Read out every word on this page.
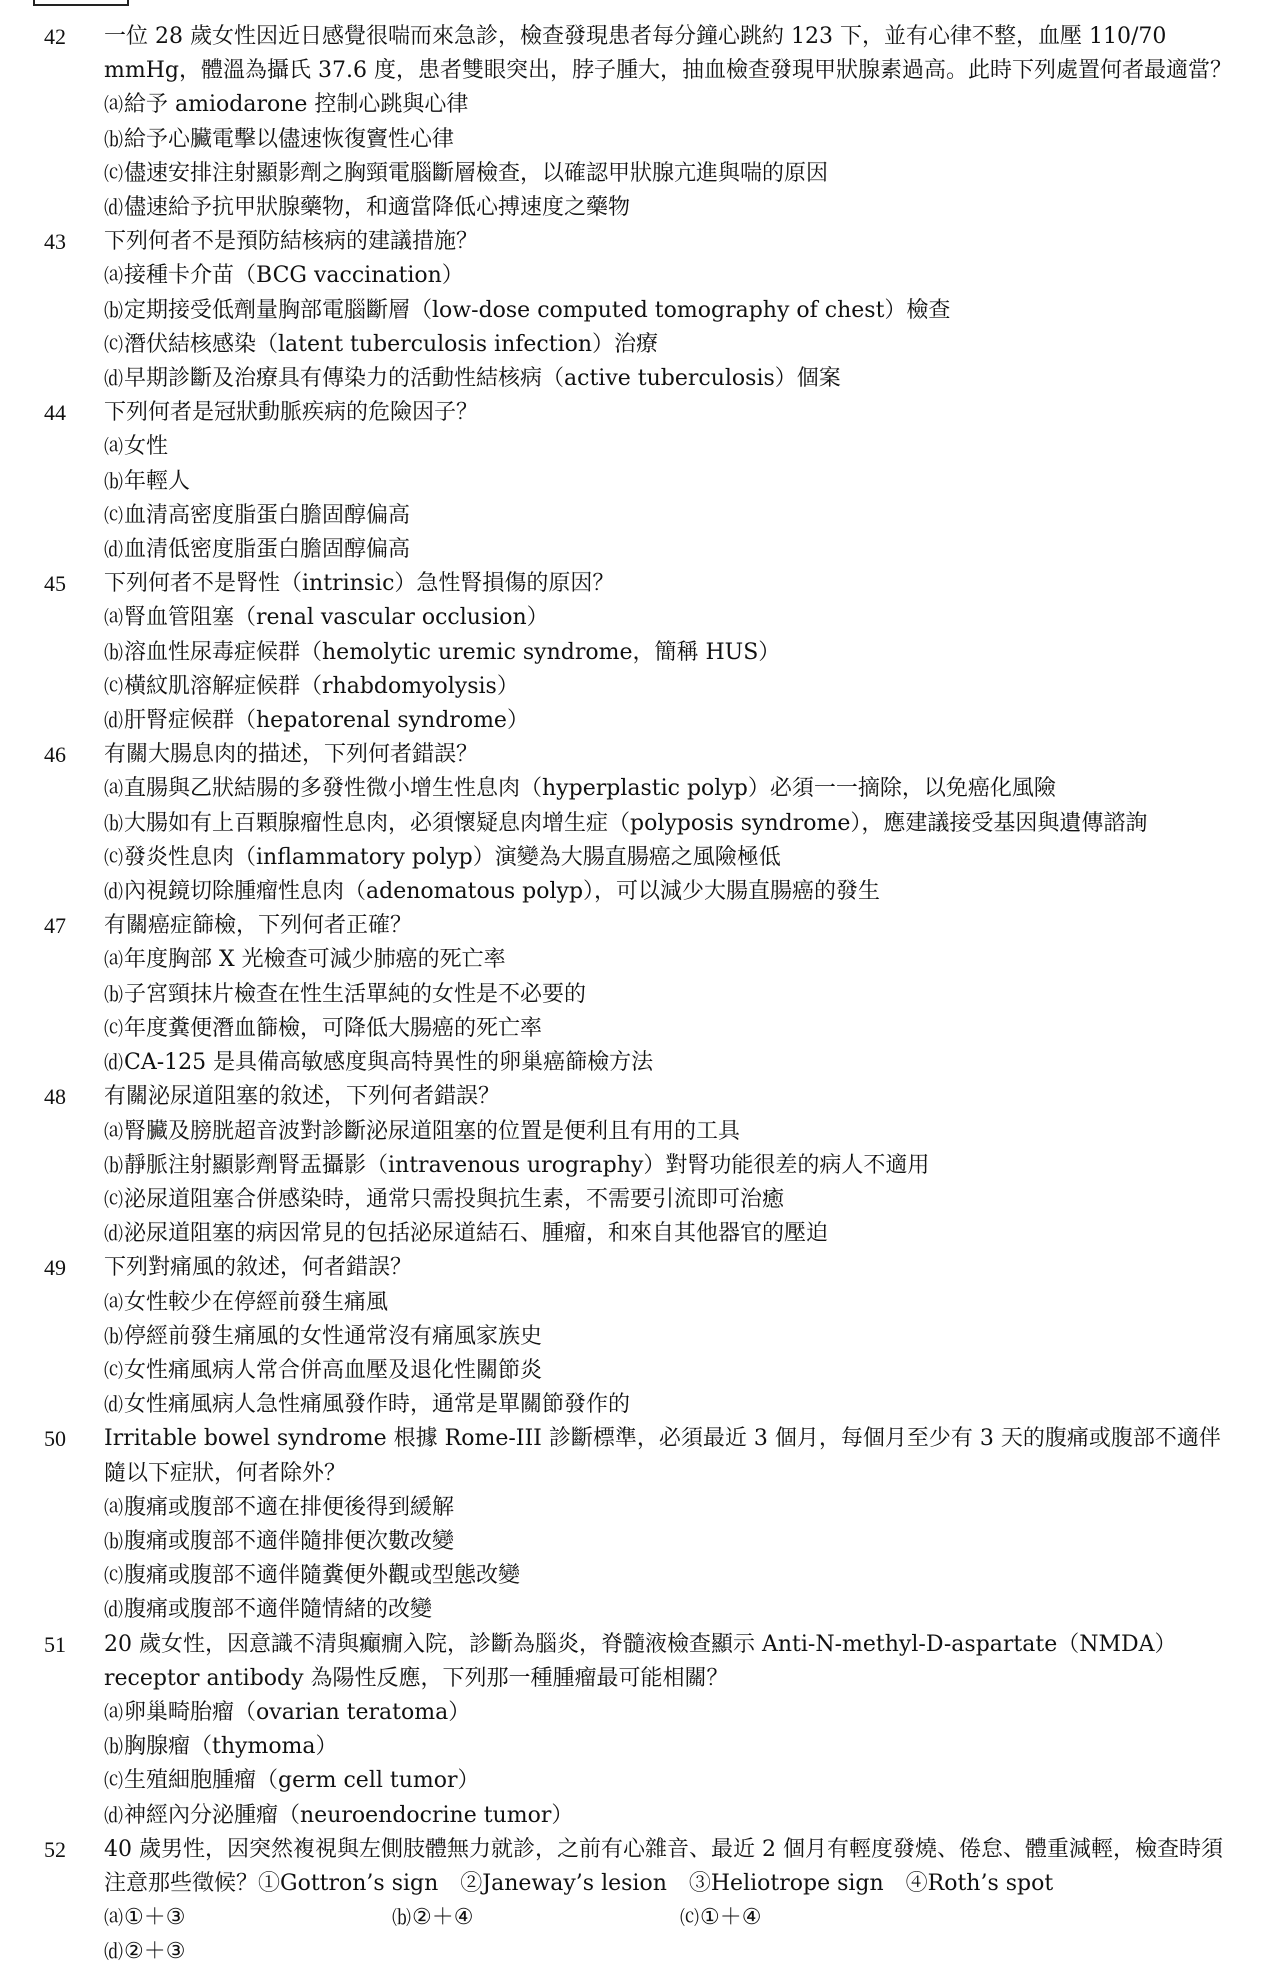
42	一位 28 歲女性因近日感覺很喘而來急診，檢查發現患者每分鐘心跳約 123 下，並有心律不整，血壓 110/70 mmHg，體溫為攝氏 37.6 度，患者雙眼突出，脖子腫大，抽血檢查發現甲狀腺素過高。此時下列處置何者最適當？
⒜給予 amiodarone 控制心跳與心律
⒝給予心臟電擊以儘速恢復竇性心律
⒞儘速安排注射顯影劑之胸頸電腦斷層檢查，以確認甲狀腺亢進與喘的原因
⒟儘速給予抗甲狀腺藥物，和適當降低心搏速度之藥物
43	下列何者不是預防結核病的建議措施？
⒜接種卡介苗（BCG vaccination）
⒝定期接受低劑量胸部電腦斷層（low-dose computed tomography of chest）檢查
⒞潛伏結核感染（latent tuberculosis infection）治療
⒟早期診斷及治療具有傳染力的活動性結核病（active tuberculosis）個案
44	下列何者是冠狀動脈疾病的危險因子？
⒜女性
⒝年輕人
⒞血清高密度脂蛋白膽固醇偏高
⒟血清低密度脂蛋白膽固醇偏高
45	下列何者不是腎性（intrinsic）急性腎損傷的原因？
⒜腎血管阻塞（renal vascular occlusion）
⒝溶血性尿毒症候群（hemolytic uremic syndrome，簡稱 HUS）
⒞橫紋肌溶解症候群（rhabdomyolysis）
⒟肝腎症候群（hepatorenal syndrome）
46	有關大腸息肉的描述，下列何者錯誤？
⒜直腸與乙狀結腸的多發性微小增生性息肉（hyperplastic polyp）必須一一摘除，以免癌化風險
⒝大腸如有上百顆腺瘤性息肉，必須懷疑息肉增生症（polyposis syndrome），應建議接受基因與遺傳諮詢
⒞發炎性息肉（inflammatory polyp）演變為大腸直腸癌之風險極低
⒟內視鏡切除腫瘤性息肉（adenomatous polyp），可以減少大腸直腸癌的發生
47	有關癌症篩檢，下列何者正確？
⒜年度胸部 X 光檢查可減少肺癌的死亡率
⒝子宮頸抹片檢查在性生活單純的女性是不必要的
⒞年度糞便潛血篩檢，可降低大腸癌的死亡率
⒟CA-125 是具備高敏感度與高特異性的卵巢癌篩檢方法
48	有關泌尿道阻塞的敘述，下列何者錯誤？
⒜腎臟及膀胱超音波對診斷泌尿道阻塞的位置是便利且有用的工具
⒝靜脈注射顯影劑腎盂攝影（intravenous urography）對腎功能很差的病人不適用
⒞泌尿道阻塞合併感染時，通常只需投與抗生素，不需要引流即可治癒
⒟泌尿道阻塞的病因常見的包括泌尿道結石、腫瘤，和來自其他器官的壓迫
49	下列對痛風的敘述，何者錯誤？
⒜女性較少在停經前發生痛風
⒝停經前發生痛風的女性通常沒有痛風家族史
⒞女性痛風病人常合併高血壓及退化性關節炎
⒟女性痛風病人急性痛風發作時，通常是單關節發作的
50	Irritable bowel syndrome 根據 Rome-III 診斷標準，必須最近 3 個月，每個月至少有 3 天的腹痛或腹部不適伴隨以下症狀，何者除外？
⒜腹痛或腹部不適在排便後得到緩解
⒝腹痛或腹部不適伴隨排便次數改變
⒞腹痛或腹部不適伴隨糞便外觀或型態改變
⒟腹痛或腹部不適伴隨情緒的改變
51	20 歲女性，因意識不清與癲癇入院，診斷為腦炎，脊髓液檢查顯示 Anti-N-methyl-D-aspartate（NMDA）receptor antibody 為陽性反應，下列那一種腫瘤最可能相關？
⒜卵巢畸胎瘤（ovarian teratoma）
⒝胸腺瘤（thymoma）
⒞生殖細胞腫瘤（germ cell tumor）
⒟神經內分泌腫瘤（neuroendocrine tumor）
52	40 歲男性，因突然複視與左側肢體無力就診，之前有心雜音、最近 2 個月有輕度發燒、倦怠、體重減輕，檢查時須注意那些徵候？①Gottron’s sign　②Janeway’s lesion　③Heliotrope sign　④Roth’s spot
⒜①＋③	⒝②＋④	⒞①＋④
⒟②＋③
